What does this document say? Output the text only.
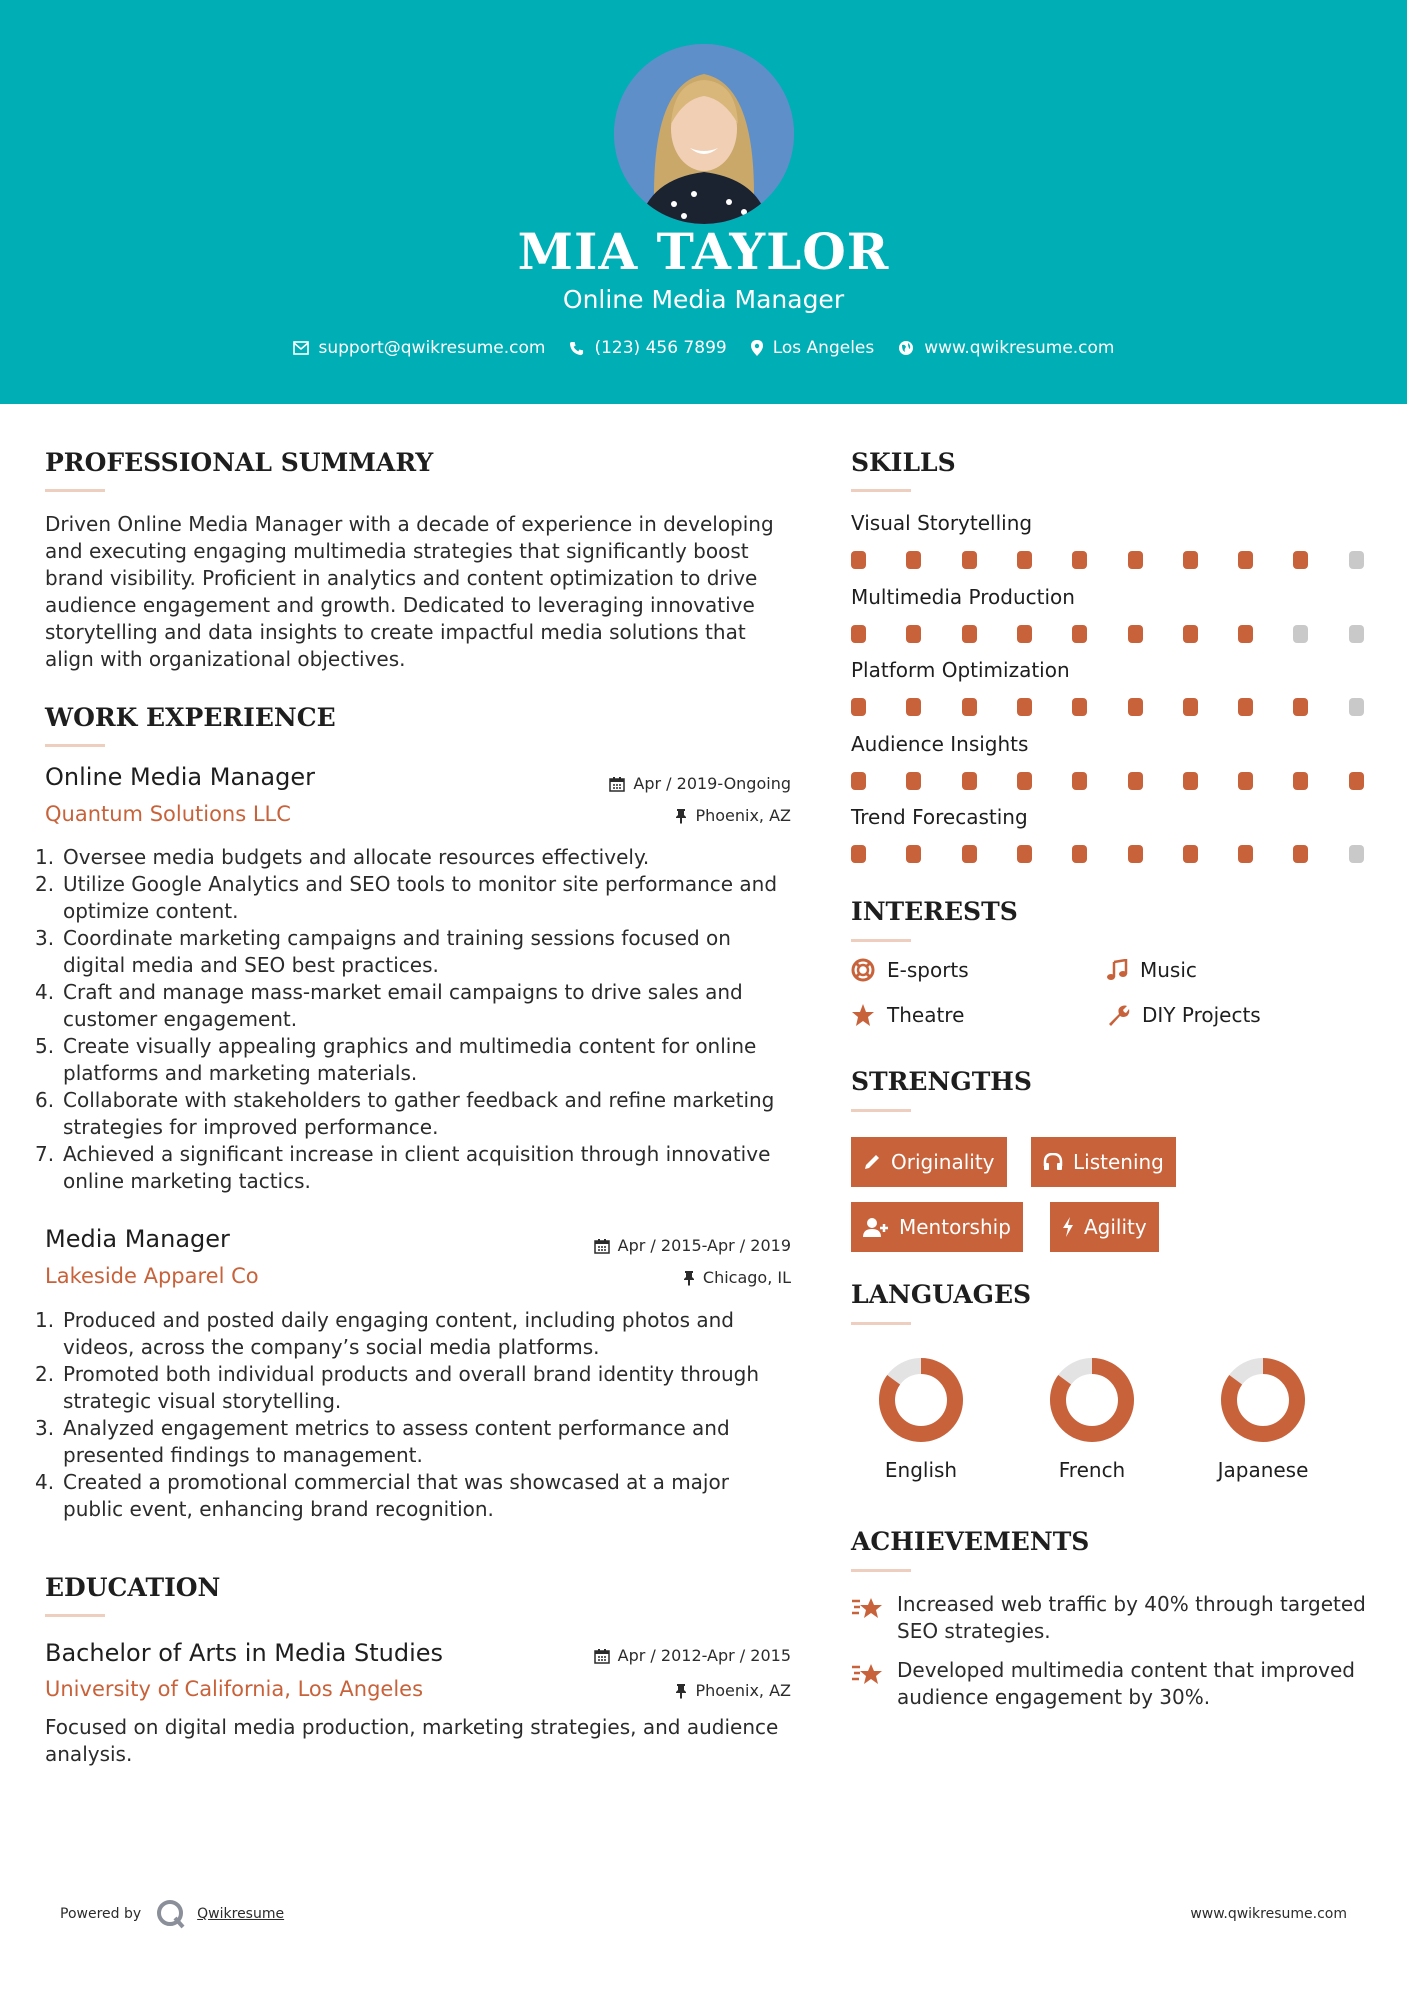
MIA TAYLOR
Online Media Manager
support@qwikresume.com	(123) 456 7899	Los Angeles	www.qwikresume.com
PROFESSIONAL SUMMARY
Driven Online Media Manager with a decade of experience in developing and executing engaging multimedia strategies that significantly boost brand visibility. Proficient in analytics and content optimization to drive audience engagement and growth. Dedicated to leveraging innovative storytelling and data insights to create impactful media solutions that align with organizational objectives.
WORK EXPERIENCE
Online Media Manager	Apr / 2019-Ongoing
Quantum Solutions LLC	Phoenix, AZ
1. Oversee media budgets and allocate resources effectively.
2. Utilize Google Analytics and SEO tools to monitor site performance and optimize content.
3. Coordinate marketing campaigns and training sessions focused on digital media and SEO best practices.
4. Craft and manage mass-market email campaigns to drive sales and customer engagement.
5. Create visually appealing graphics and multimedia content for online platforms and marketing materials.
6. Collaborate with stakeholders to gather feedback and refine marketing strategies for improved performance.
7. Achieved a significant increase in client acquisition through innovative online marketing tactics.
Media Manager	Apr / 2015-Apr / 2019
Lakeside Apparel Co	Chicago, IL
1. Produced and posted daily engaging content, including photos and videos, across the company’s social media platforms.
2. Promoted both individual products and overall brand identity through strategic visual storytelling.
3. Analyzed engagement metrics to assess content performance and presented findings to management.
4. Created a promotional commercial that was showcased at a major public event, enhancing brand recognition.
EDUCATION
Bachelor of Arts in Media Studies	Apr / 2012-Apr / 2015
University of California, Los Angeles	Phoenix, AZ
Focused on digital media production, marketing strategies, and audience analysis.
SKILLS
Visual Storytelling
Multimedia Production
Platform Optimization
Audience Insights
Trend Forecasting
INTERESTS
E-sports	Music
Theatre	DIY Projects
STRENGTHS
Originality	Listening
Mentorship	Agility
LANGUAGES
English	French	Japanese
ACHIEVEMENTS
Increased web traffic by 40% through targeted SEO strategies.
Developed multimedia content that improved audience engagement by 30%.
Powered by	Qwikresume	www.qwikresume.com
